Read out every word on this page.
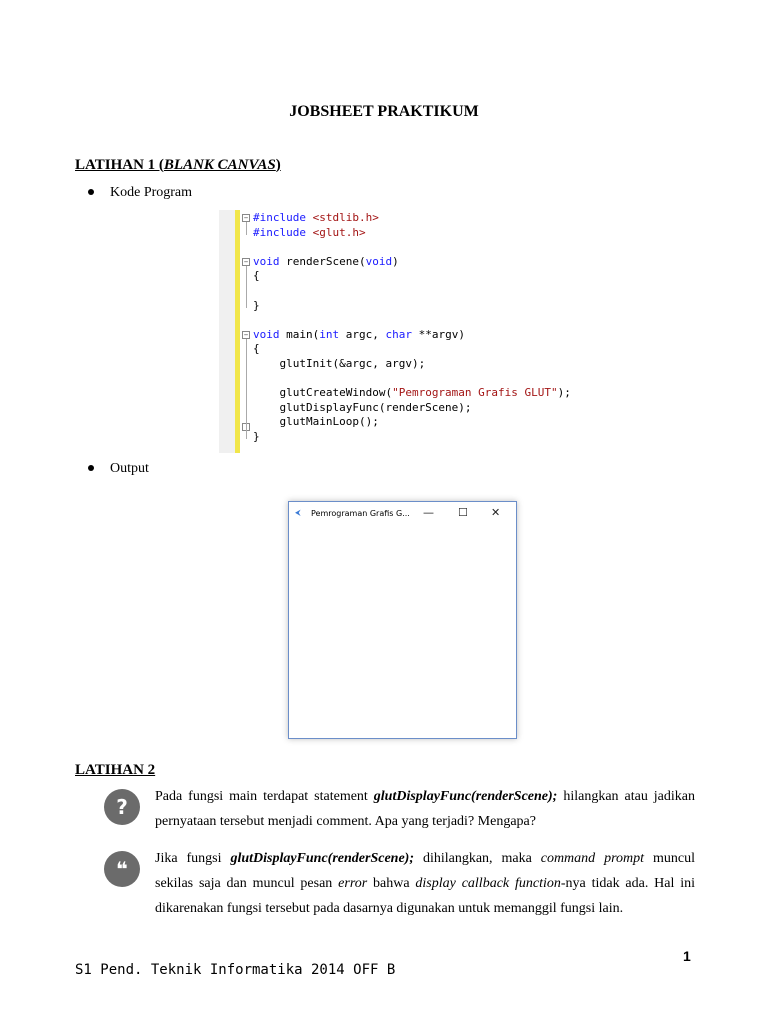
JOBSHEET PRAKTIKUM
LATIHAN 1 (BLANK CANVAS)
Kode Program
#include <stdlib.h>
#include <glut.h>
void renderScene(void)
{
}
void main(int argc, char **argv)
{
glutInit(&argc, argv);
glutCreateWindow("Pemrograman Grafis GLUT");
glutDisplayFunc(renderScene);
glutMainLoop();
}
−
−
−
Output
⮜ Pemrograman Grafis G... — ☐ ✕
LATIHAN 2
?	Pada fungsi main terdapat statement glutDisplayFunc(renderScene); hilangkan atau jadikan pernyataan tersebut menjadi comment. Apa yang terjadi? Mengapa?
❝	Jika fungsi glutDisplayFunc(renderScene); dihilangkan, maka command prompt muncul sekilas saja dan muncul pesan error bahwa display callback function-nya tidak ada. Hal ini dikarenakan fungsi tersebut pada dasarnya digunakan untuk memanggil fungsi lain.
1
S1 Pend. Teknik Informatika 2014 OFF B
